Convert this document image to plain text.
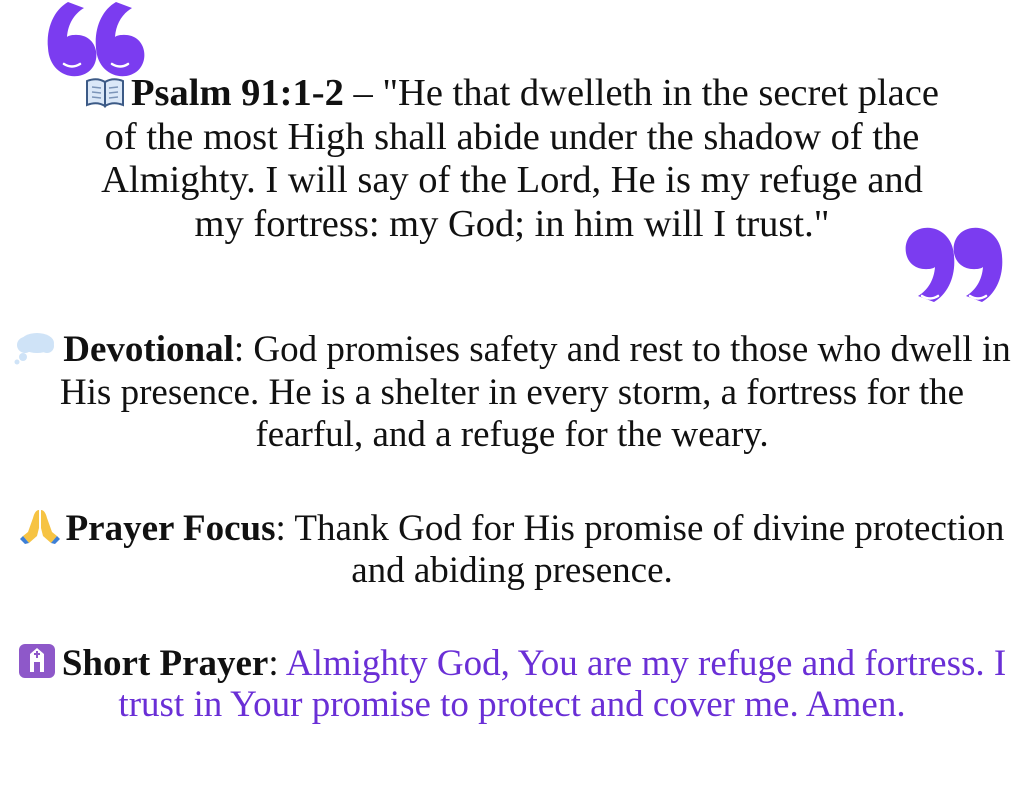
Psalm 91:1-2 – "He that dwelleth in the secret place of the most High shall abide under the shadow of the Almighty. I will say of the Lord, He is my refuge and my fortress: my God; in him will I trust."
Devotional: God promises safety and rest to those who dwell in His presence. He is a shelter in every storm, a fortress for the fearful, and a refuge for the weary.
Prayer Focus: Thank God for His promise of divine protection and abiding presence.
Short Prayer: Almighty God, You are my refuge and fortress. I trust in Your promise to protect and cover me. Amen.
